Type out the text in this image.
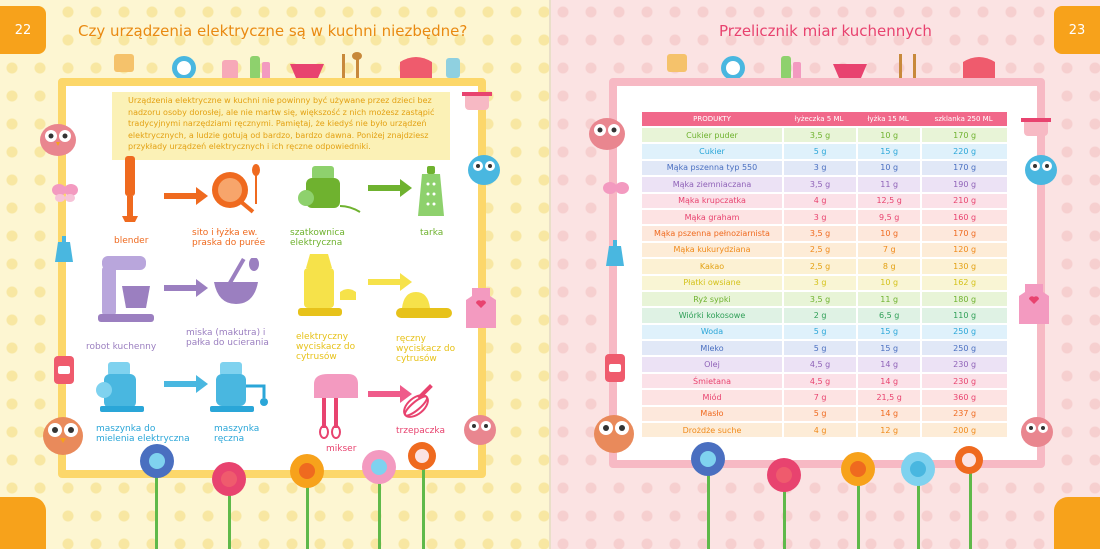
22	Czy urządzenia elektryczne są w kuchni niezbędne?

Urządzenia elektryczne w kuchni nie powinny być używane przez dzieci bez nadzoru osoby dorosłej, ale nie martw się, większość z nich możesz zastąpić tradycyjnymi narzędziami ręcznymi. Pamiętaj, że kiedyś nie było urządzeń elektrycznych, a ludzie gotują od bardzo, bardzo dawna. Poniżej znajdziesz przykłady urządzeń elektrycznych i ich ręczne odpowiedniki.

blender
sito i łyżka ew. praska do purée
szatkownica elektryczna
tarka
robot kuchenny
miska (makutra) i pałka do ucierania
elektryczny wyciskacz do cytrusów
ręczny wyciskacz do cytrusów
maszynka do mielenia elektryczna
maszynka ręczna
mikser
trzepaczka
23
Przelicznik miar kuchennych
PRODUKTY	łyżeczka 5 ML	łyżka 15 ML	szklanka 250 ML
Cukier puder	3,5 g	10 g	170 g
Cukier	5 g	15 g	220 g
Mąka pszenna typ 550	3 g	10 g	170 g
Mąka ziemniaczana	3,5 g	11 g	190 g
Mąka krupczatka	4 g	12,5 g	210 g
Mąka graham	3 g	9,5 g	160 g
Mąka pszenna pełnoziarnista	3,5 g	10 g	170 g
Mąka kukurydziana	2,5 g	7 g	120 g
Kakao	2,5 g	8 g	130 g
Płatki owsiane	3 g	10 g	162 g
Ryż sypki	3,5 g	11 g	180 g
Wiórki kokosowe	2 g	6,5 g	110 g
Woda	5 g	15 g	250 g
Mleko	5 g	15 g	250 g
Olej	4,5 g	14 g	230 g
Śmietana	4,5 g	14 g	230 g
Miód	7 g	21,5 g	360 g
Masło	5 g	14 g	237 g
Drożdże suche	4 g	12 g	200 g
